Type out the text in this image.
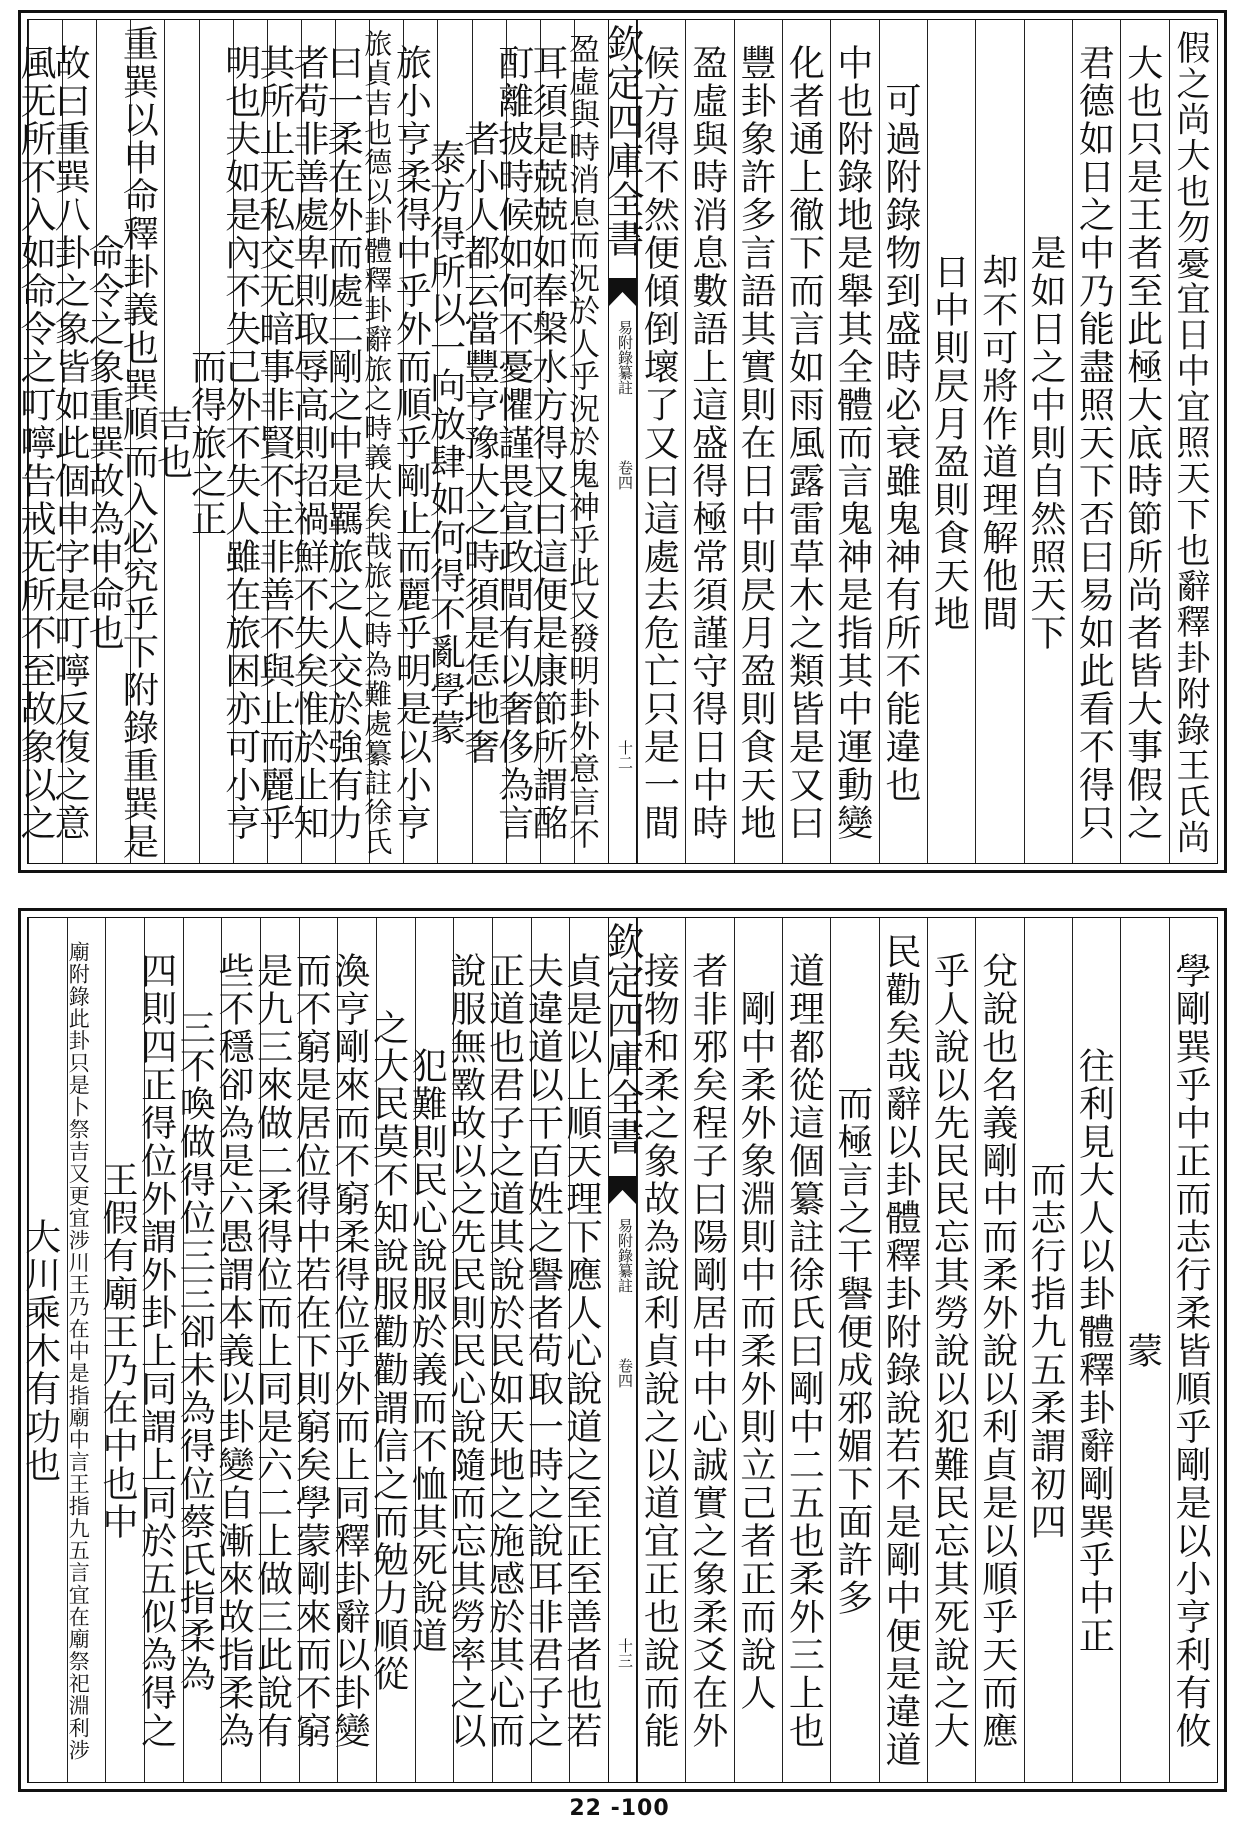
假之尚大也勿憂宜日中宜照天下也辭釋卦附錄王氏尚
大也只是王者至此極大底時節所尚者皆大事假之
君德如日之中乃能盡照天下否曰易如此看不得只
是如日之中則自然照天下
却不可將作道理解他間
日中則昃月盈則食天地
可過附錄物到盛時必衰雖鬼神有所不能違也
中也附錄地是舉其全體而言鬼神是指其中運動變
化者通上徹下而言如雨風露雷草木之類皆是又曰
豐卦象許多言語其實則在日中則昃月盈則食天地
盈虛與時消息數語上這盛得極常須謹守得日中時
候方得不然便傾倒壞了又曰這處去危亡只是一間
欽定四庫全書
易附錄纂註
卷四
十二
盈虛與時消息而況於人乎況於鬼神乎此又發明卦外意言不
耳須是兢兢如奉槃水方得又曰這便是康節所謂酩
酊離披時候如何不憂懼謹畏宣政間有以奢侈為言
者小人都云當豐亨豫大之時須是恁地奢
泰方得所以一向放肆如何得不亂學蒙
旅小亨柔得中乎外而順乎剛止而麗乎明是以小亨
旅貞吉也德以卦體釋卦辭旅之時義大矣哉旅之時為難處纂註徐氏
曰一柔在外而處二剛之中是羈旅之人交於強有力
者苟非善處卑則取辱高則招禍鮮不失矣惟於止知
其所止无私交无暗事非賢不主非善不與止而麗乎
明也夫如是內不失己外不失人雖在旅困亦可小亨
而得旅之正
吉也
重巽以申命釋卦義也巽順而入必究乎下附錄重巽是
命令之象重巽故為申命也
故曰重巽八卦之象皆如此個申字是叮嚀反復之意
風无所不入如命令之叮嚀告戒无所不至故象以之
學剛巽乎中正而志行柔皆順乎剛是以小亨利有攸
蒙
往利見大人以卦體釋卦辭剛巽乎中正
而志行指九五柔謂初四
兌說也名義剛中而柔外說以利貞是以順乎天而應
乎人說以先民民忘其勞說以犯難民忘其死說之大
民勸矣哉辭以卦體釋卦附錄說若不是剛中便是違道
而極言之干譽便成邪媚下面許多
道理都從這個纂註徐氏曰剛中二五也柔外三上也
剛中柔外象淵則中而柔外則立己者正而說人
者非邪矣程子曰陽剛居中中心誠實之象柔爻在外
接物和柔之象故為說利貞說之以道宜正也說而能
欽定四庫全書
易附錄纂註
卷四
十三
貞是以上順天理下應人心說道之至正至善者也若
夫違道以干百姓之譽者苟取一時之說耳非君子之
正道也君子之道其說於民如天地之施感於其心而
說服無斁故以之先民則民心說隨而忘其勞率之以
犯難則民心說服於義而不恤其死說道
之大民莫不知說服勸勸謂信之而勉力順從
渙亨剛來而不窮柔得位乎外而上同釋卦辭以卦變
而不窮是居位得中若在下則窮矣學蒙剛來而不窮
是九三來做二柔得位而上同是六二上做三此說有
些不穩卻為是六愚謂本義以卦變自漸來故指柔為
三不喚做得位三三卻未為得位蔡氏指柔為
四則四正得位外謂外卦上同謂上同於五似為得之
王假有廟王乃在中也中
廟附錄此卦只是卜祭吉又更宜涉川王乃在中是指廟中言王指九五言宜在廟祭祀淵利涉
大川乘木有功也
22 -100
